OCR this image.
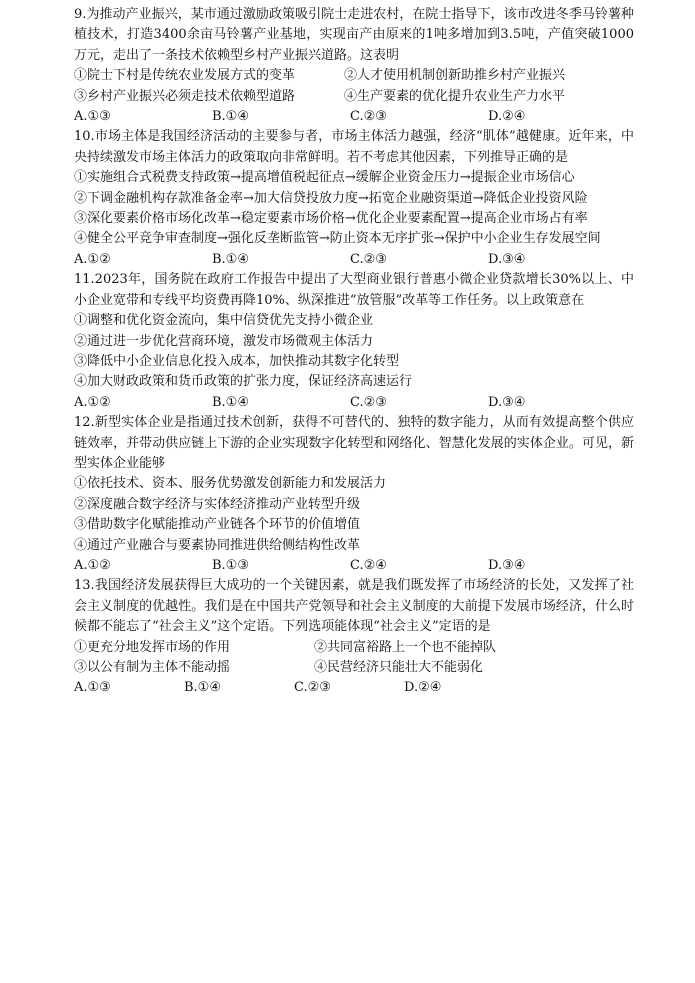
9.为推动产业振兴，某市通过激励政策吸引院士走进农村，在院士指导下，该市改进冬季马铃薯种植技术，打造3400余亩马铃薯产业基地，实现亩产由原来的1吨多增加到3.5吨，产值突破1000万元，走出了一条技术依赖型乡村产业振兴道路。这表明

①院士下村是传统农业发展方式的变革	②人才使用机制创新助推乡村产业振兴
③乡村产业振兴必须走技术依赖型道路	④生产要素的优化提升农业生产力水平
A.①③	B.①④	C.②③	D.②④

10.市场主体是我国经济活动的主要参与者，市场主体活力越强，经济“肌体”越健康。近年来，中央持续激发市场主体活力的政策取向非常鲜明。若不考虑其他因素，下列推导正确的是

①实施组合式税费支持政策→提高增值税起征点→缓解企业资金压力→提振企业市场信心

②下调金融机构存款准备金率→加大信贷投放力度→拓宽企业融资渠道→降低企业投资风险

③深化要素价格市场化改革→稳定要素市场价格→优化企业要素配置→提高企业市场占有率

④健全公平竞争审查制度→强化反垄断监管→防止资本无序扩张→保护中小企业生存发展空间

A.①②	B.①④	C.②③	D.③④

11.2023年，国务院在政府工作报告中提出了大型商业银行普惠小微企业贷款增长30%以上、中小企业宽带和专线平均资费再降10%、纵深推进“放管服”改革等工作任务。以上政策意在

①调整和优化资金流向，集中信贷优先支持小微企业

②通过进一步优化营商环境，激发市场微观主体活力

③降低中小企业信息化投入成本，加快推动其数字化转型

④加大财政政策和货币政策的扩张力度，保证经济高速运行

A.①②	B.①④	C.②③	D.③④

12.新型实体企业是指通过技术创新，获得不可替代的、独特的数字能力，从而有效提高整个供应链效率，并带动供应链上下游的企业实现数字化转型和网络化、智慧化发展的实体企业。可见，新型实体企业能够

①依托技术、资本、服务优势激发创新能力和发展活力

②深度融合数字经济与实体经济推动产业转型升级

③借助数字化赋能推动产业链各个环节的价值增值

④通过产业融合与要素协同推进供给侧结构性改革

A.①②	B.①③	C.②④	D.③④

13.我国经济发展获得巨大成功的一个关键因素，就是我们既发挥了市场经济的长处，又发挥了社会主义制度的优越性。我们是在中国共产党领导和社会主义制度的大前提下发展市场经济，什么时候都不能忘了“社会主义”这个定语。下列选项能体现“社会主义”定语的是

①更充分地发挥市场的作用	②共同富裕路上一个也不能掉队
③以公有制为主体不能动摇	④民营经济只能壮大不能弱化
A.①③	B.①④	C.②③	D.②④
